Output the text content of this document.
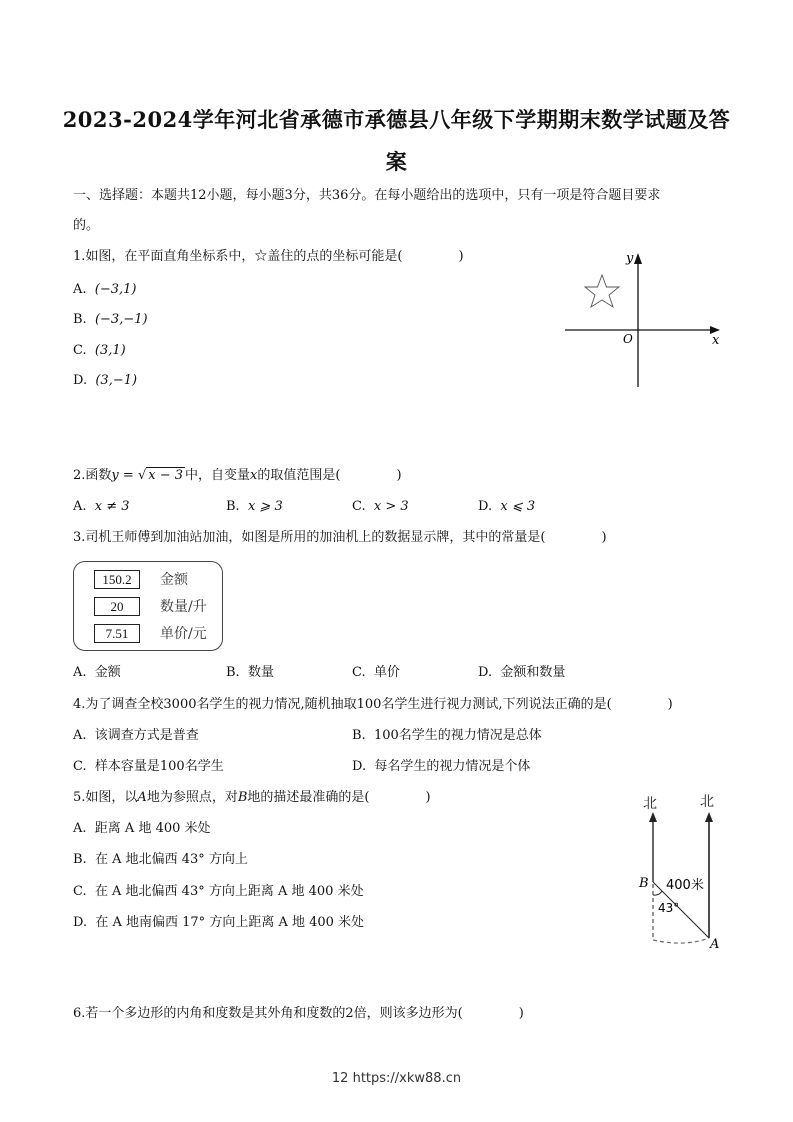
2023-2024学年河北省承德市承德县八年级下学期期末数学试题及答
案
一、选择题：本题共12小题，每小题3分，共36分。在每小题给出的选项中，只有一项是符合题目要求
的。
1.如图，在平面直角坐标系中，☆盖住的点的坐标可能是(	)
A. (−3,1)
B. (−3,−1)
C. (3,1)
D. (3,−1)
y
x
O
2.函数y = √ x − 3 中，自变量x的取值范围是(	)
A. x ≠ 3	B. x ⩾ 3	C. x > 3	D. x ⩽ 3
3.司机王师傅到加油站加油，如图是所用的加油机上的数据显示牌，其中的常量是(	)
150.2	金额
20	数量/升
7.51	单价/元
A. 金额	B. 数量	C. 单价	D. 金额和数量
4.为了调查全校3000名学生的视力情况,随机抽取100名学生进行视力测试,下列说法正确的是(	)
A. 该调查方式是普查	B. 100名学生的视力情况是总体
C. 样本容量是100名学生	D. 每名学生的视力情况是个体
5.如图，以A地为参照点，对B地的描述最准确的是(	)
A. 距离 A 地 400 米处
B. 在 A 地北偏西 43° 方向上
C. 在 A 地北偏西 43° 方向上距离 A 地 400 米处
D. 在 A 地南偏西 17° 方向上距离 A 地 400 米处
北	北
B
A
400米
43°
6.若一个多边形的内角和度数是其外角和度数的2倍，则该多边形为(	)
12 https://xkw88.cn
